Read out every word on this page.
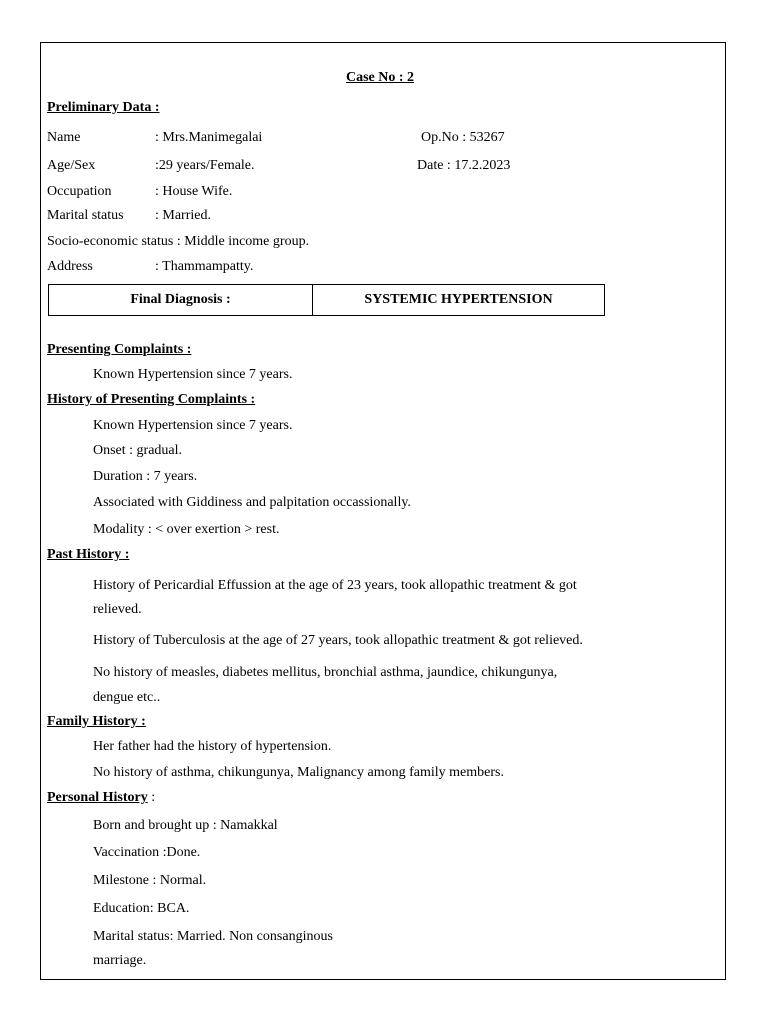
Case No : 2
Preliminary Data :
Name	: Mrs.Manimegalai	Op.No : 53267
Age/Sex	:29 years/Female.	Date : 17.2.2023
Occupation	: House Wife.
Marital status : Married.
Socio-economic status : Middle income group.
Address	: Thammampatty.
Final Diagnosis :	SYSTEMIC HYPERTENSION
Presenting Complaints :
Known Hypertension since 7 years.
History of Presenting Complaints :
Known Hypertension since 7 years.
Onset : gradual.
Duration : 7 years.
Associated with Giddiness and palpitation occassionally.
Modality : < over exertion > rest.
Past History :
History of Pericardial Effussion at the age of 23 years, took allopathic treatment & got
relieved.
History of Tuberculosis at the age of 27 years, took allopathic treatment & got relieved.
No history of measles, diabetes mellitus, bronchial asthma, jaundice, chikungunya,
dengue etc..
Family History :
Her father had the history of hypertension.
No history of asthma, chikungunya, Malignancy among family members.
Personal History :
Born and brought up : Namakkal
Vaccination :Done.
Milestone : Normal.
Education: BCA.
Marital status: Married. Non consanginous
marriage.
